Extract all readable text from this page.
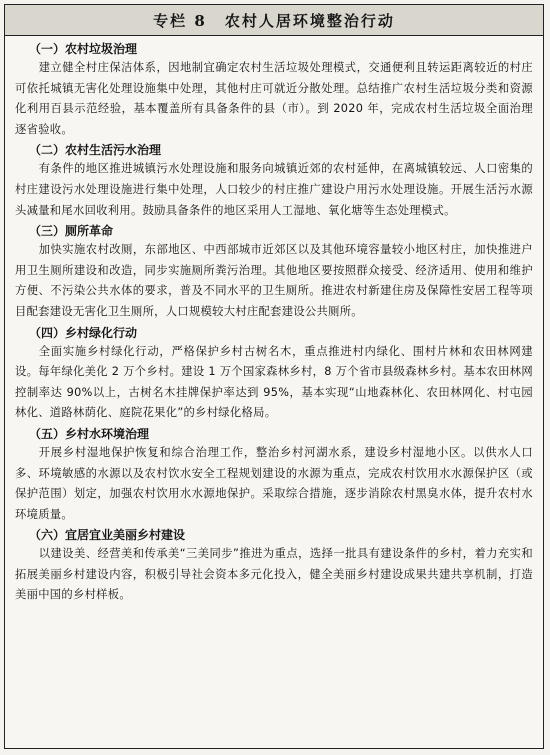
专栏 8 农村人居环境整治行动
（一）农村垃圾治理
建立健全村庄保洁体系，因地制宜确定农村生活垃圾处理模式，交通便利且转运距离较近的村庄可依托城镇无害化处理设施集中处理，其他村庄可就近分散处理。总结推广农村生活垃圾分类和资源化利用百县示范经验，基本覆盖所有具备条件的县（市）。到 2020 年，完成农村生活垃圾全面治理逐省验收。
（二）农村生活污水治理
有条件的地区推进城镇污水处理设施和服务向城镇近郊的农村延伸，在离城镇较远、人口密集的村庄建设污水处理设施进行集中处理，人口较少的村庄推广建设户用污水处理设施。开展生活污水源头减量和尾水回收利用。鼓励具备条件的地区采用人工湿地、氧化塘等生态处理模式。
（三）厕所革命
加快实施农村改厕，东部地区、中西部城市近郊区以及其他环境容量较小地区村庄，加快推进户用卫生厕所建设和改造，同步实施厕所粪污治理。其他地区要按照群众接受、经济适用、使用和维护方便、不污染公共水体的要求，普及不同水平的卫生厕所。推进农村新建住房及保障性安居工程等项目配套建设无害化卫生厕所，人口规模较大村庄配套建设公共厕所。
（四）乡村绿化行动
全面实施乡村绿化行动，严格保护乡村古树名木，重点推进村内绿化、围村片林和农田林网建设。每年绿化美化 2 万个乡村。建设 1 万个国家森林乡村，8 万个省市县级森林乡村。基本农田林网控制率达 90%以上，古树名木挂牌保护率达到 95%，基本实现“山地森林化、农田林网化、村屯园林化、道路林荫化、庭院花果化”的乡村绿化格局。
（五）乡村水环境治理
开展乡村湿地保护恢复和综合治理工作，整治乡村河湖水系，建设乡村湿地小区。以供水人口多、环境敏感的水源以及农村饮水安全工程规划建设的水源为重点，完成农村饮用水水源保护区（或保护范围）划定，加强农村饮用水水源地保护。采取综合措施，逐步消除农村黑臭水体，提升农村水环境质量。
（六）宜居宜业美丽乡村建设
以建设美、经营美和传承美“三美同步”推进为重点，选择一批具有建设条件的乡村，着力充实和拓展美丽乡村建设内容，积极引导社会资本多元化投入，健全美丽乡村建设成果共建共享机制，打造美丽中国的乡村样板。
